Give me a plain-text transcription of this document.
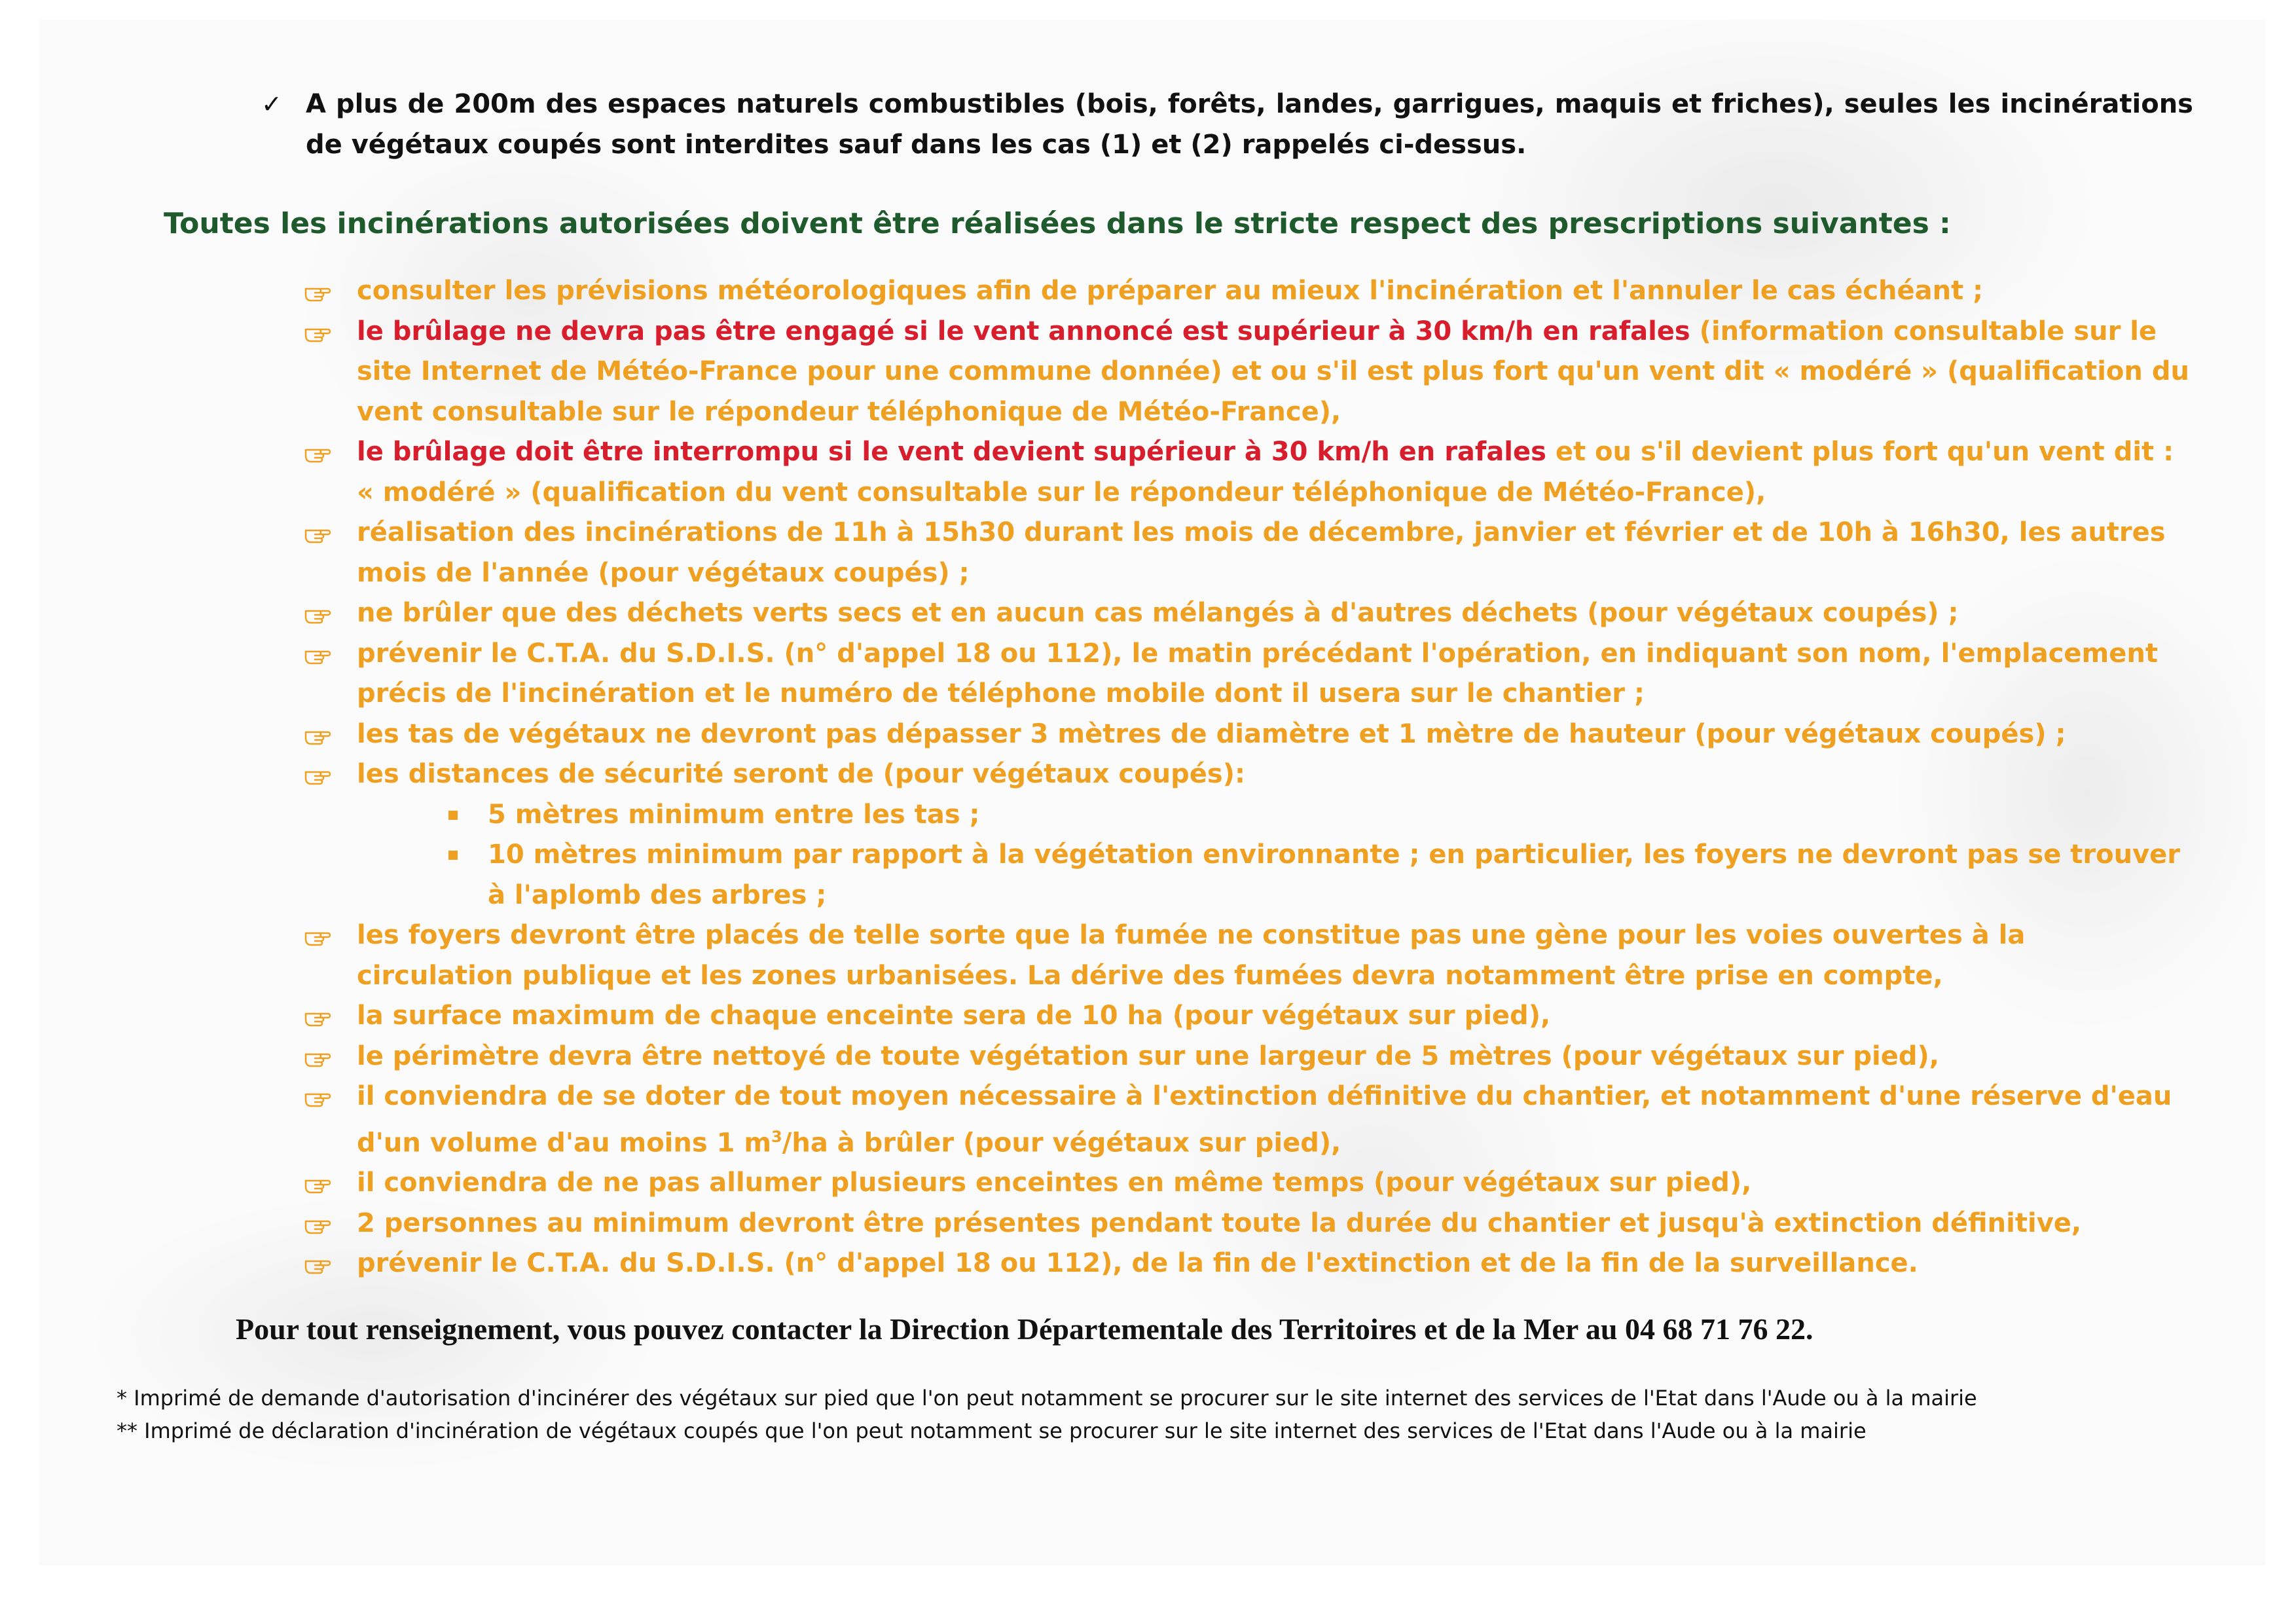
✓ A plus de 200m des espaces naturels combustibles (bois, forêts, landes, garrigues, maquis et friches), seules les incinérations de végétaux coupés sont interdites sauf dans les cas (1) et (2) rappelés ci-dessus.
Toutes les incinérations autorisées doivent être réalisées dans le stricte respect des prescriptions suivantes :
consulter les prévisions météorologiques afin de préparer au mieux l'incinération et l'annuler le cas échéant ;
le brûlage ne devra pas être engagé si le vent annoncé est supérieur à 30 km/h en rafales (information consultable sur le site Internet de Météo-France pour une commune donnée) et ou s'il est plus fort qu'un vent dit « modéré » (qualification du vent consultable sur le répondeur téléphonique de Météo-France),
le brûlage doit être interrompu si le vent devient supérieur à 30 km/h en rafales et ou s'il devient plus fort qu'un vent dit : « modéré » (qualification du vent consultable sur le répondeur téléphonique de Météo-France),
réalisation des incinérations de 11h à 15h30 durant les mois de décembre, janvier et février et de 10h à 16h30, les autres mois de l'année (pour végétaux coupés) ;
ne brûler que des déchets verts secs et en aucun cas mélangés à d'autres déchets (pour végétaux coupés) ;
prévenir le C.T.A. du S.D.I.S. (n° d'appel 18 ou 112), le matin précédant l'opération, en indiquant son nom, l'emplacement précis de l'incinération et le numéro de téléphone mobile dont il usera sur le chantier ;
les tas de végétaux ne devront pas dépasser 3 mètres de diamètre et 1 mètre de hauteur (pour végétaux coupés) ;
les distances de sécurité seront de (pour végétaux coupés):
5 mètres minimum entre les tas ;
10 mètres minimum par rapport à la végétation environnante ; en particulier, les foyers ne devront pas se trouver à l'aplomb des arbres ;
les foyers devront être placés de telle sorte que la fumée ne constitue pas une gène pour les voies ouvertes à la circulation publique et les zones urbanisées. La dérive des fumées devra notamment être prise en compte,
la surface maximum de chaque enceinte sera de 10 ha (pour végétaux sur pied),
le périmètre devra être nettoyé de toute végétation sur une largeur de 5 mètres (pour végétaux sur pied),
il conviendra de se doter de tout moyen nécessaire à l'extinction définitive du chantier, et notamment d'une réserve d'eau d'un volume d'au moins 1 $m^3/ha$ à brûler (pour végétaux sur pied),
il conviendra de ne pas allumer plusieurs enceintes en même temps (pour végétaux sur pied),
2 personnes au minimum devront être présentes pendant toute la durée du chantier et jusqu'à extinction définitive,
prévenir le C.T.A. du S.D.I.S. (n° d'appel 18 ou 112), de la fin de l'extinction et de la fin de la surveillance.
Pour tout renseignement, vous pouvez contacter la Direction Départementale des Territoires et de la Mer au 04 68 71 76 22.
* Imprimé de demande d'autorisation d'incinérer des végétaux sur pied que l'on peut notamment se procurer sur le site internet des services de l'Etat dans l'Aude ou à la mairie
** Imprimé de déclaration d'incinération de végétaux coupés que l'on peut notamment se procurer sur le site internet des services de l'Etat dans l'Aude ou à la mairie
